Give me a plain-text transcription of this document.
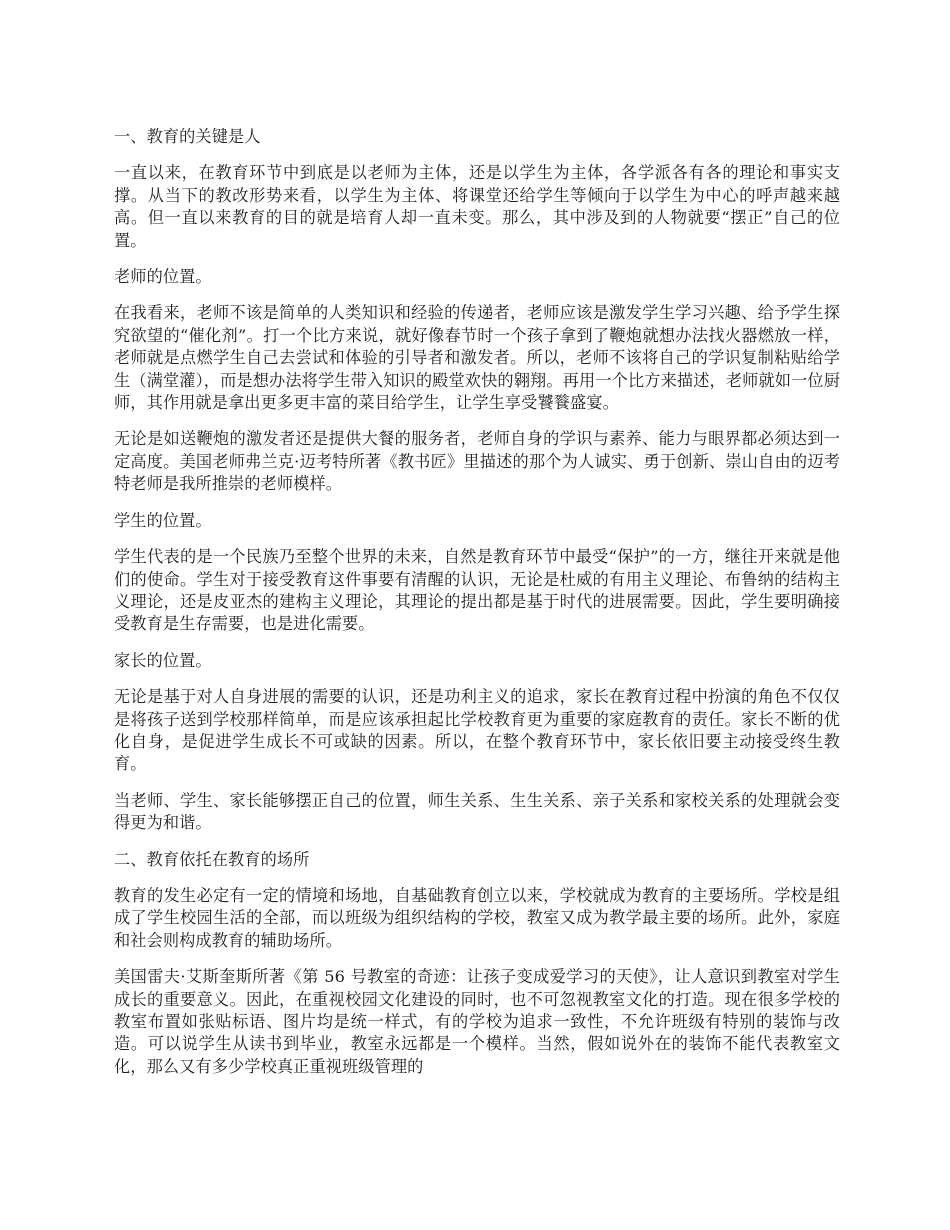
一、教育的关键是人

一直以来，在教育环节中到底是以老师为主体，还是以学生为主体，各学派各有各的理论和事实支撑。从当下的教改形势来看，以学生为主体、将课堂还给学生等倾向于以学生为中心的呼声越来越高。但一直以来教育的目的就是培育人却一直未变。那么，其中涉及到的人物就要“摆正”自己的位置。

老师的位置。

在我看来，老师不该是简单的人类知识和经验的传递者，老师应该是激发学生学习兴趣、给予学生探究欲望的“催化剂”。打一个比方来说，就好像春节时一个孩子拿到了鞭炮就想办法找火器燃放一样，老师就是点燃学生自己去尝试和体验的引导者和激发者。所以，老师不该将自己的学识复制粘贴给学生（满堂灌），而是想办法将学生带入知识的殿堂欢快的翱翔。再用一个比方来描述，老师就如一位厨师，其作用就是拿出更多更丰富的菜目给学生，让学生享受饕餮盛宴。

无论是如送鞭炮的激发者还是提供大餐的服务者，老师自身的学识与素养、能力与眼界都必须达到一定高度。美国老师弗兰克·迈考特所著《教书匠》里描述的那个为人诚实、勇于创新、崇山自由的迈考特老师是我所推崇的老师模样。

学生的位置。

学生代表的是一个民族乃至整个世界的未来，自然是教育环节中最受“保护”的一方，继往开来就是他们的使命。学生对于接受教育这件事要有清醒的认识，无论是杜威的有用主义理论、布鲁纳的结构主义理论，还是皮亚杰的建构主义理论，其理论的提出都是基于时代的进展需要。因此，学生要明确接受教育是生存需要，也是进化需要。

家长的位置。

无论是基于对人自身进展的需要的认识，还是功利主义的追求，家长在教育过程中扮演的角色不仅仅是将孩子送到学校那样简单，而是应该承担起比学校教育更为重要的家庭教育的责任。家长不断的优化自身，是促进学生成长不可或缺的因素。所以，在整个教育环节中，家长依旧要主动接受终生教育。

当老师、学生、家长能够摆正自己的位置，师生关系、生生关系、亲子关系和家校关系的处理就会变得更为和谐。

二、教育依托在教育的场所

教育的发生必定有一定的情境和场地，自基础教育创立以来，学校就成为教育的主要场所。学校是组成了学生校园生活的全部，而以班级为组织结构的学校，教室又成为教学最主要的场所。此外，家庭和社会则构成教育的辅助场所。

美国雷夫·艾斯奎斯所著《第 56 号教室的奇迹：让孩子变成爱学习的天使》，让人意识到教室对学生成长的重要意义。因此，在重视校园文化建设的同时，也不可忽视教室文化的打造。现在很多学校的教室布置如张贴标语、图片均是统一样式，有的学校为追求一致性，不允许班级有特别的装饰与改造。可以说学生从读书到毕业，教室永远都是一个模样。当然，假如说外在的装饰不能代表教室文化，那么又有多少学校真正重视班级管理的
